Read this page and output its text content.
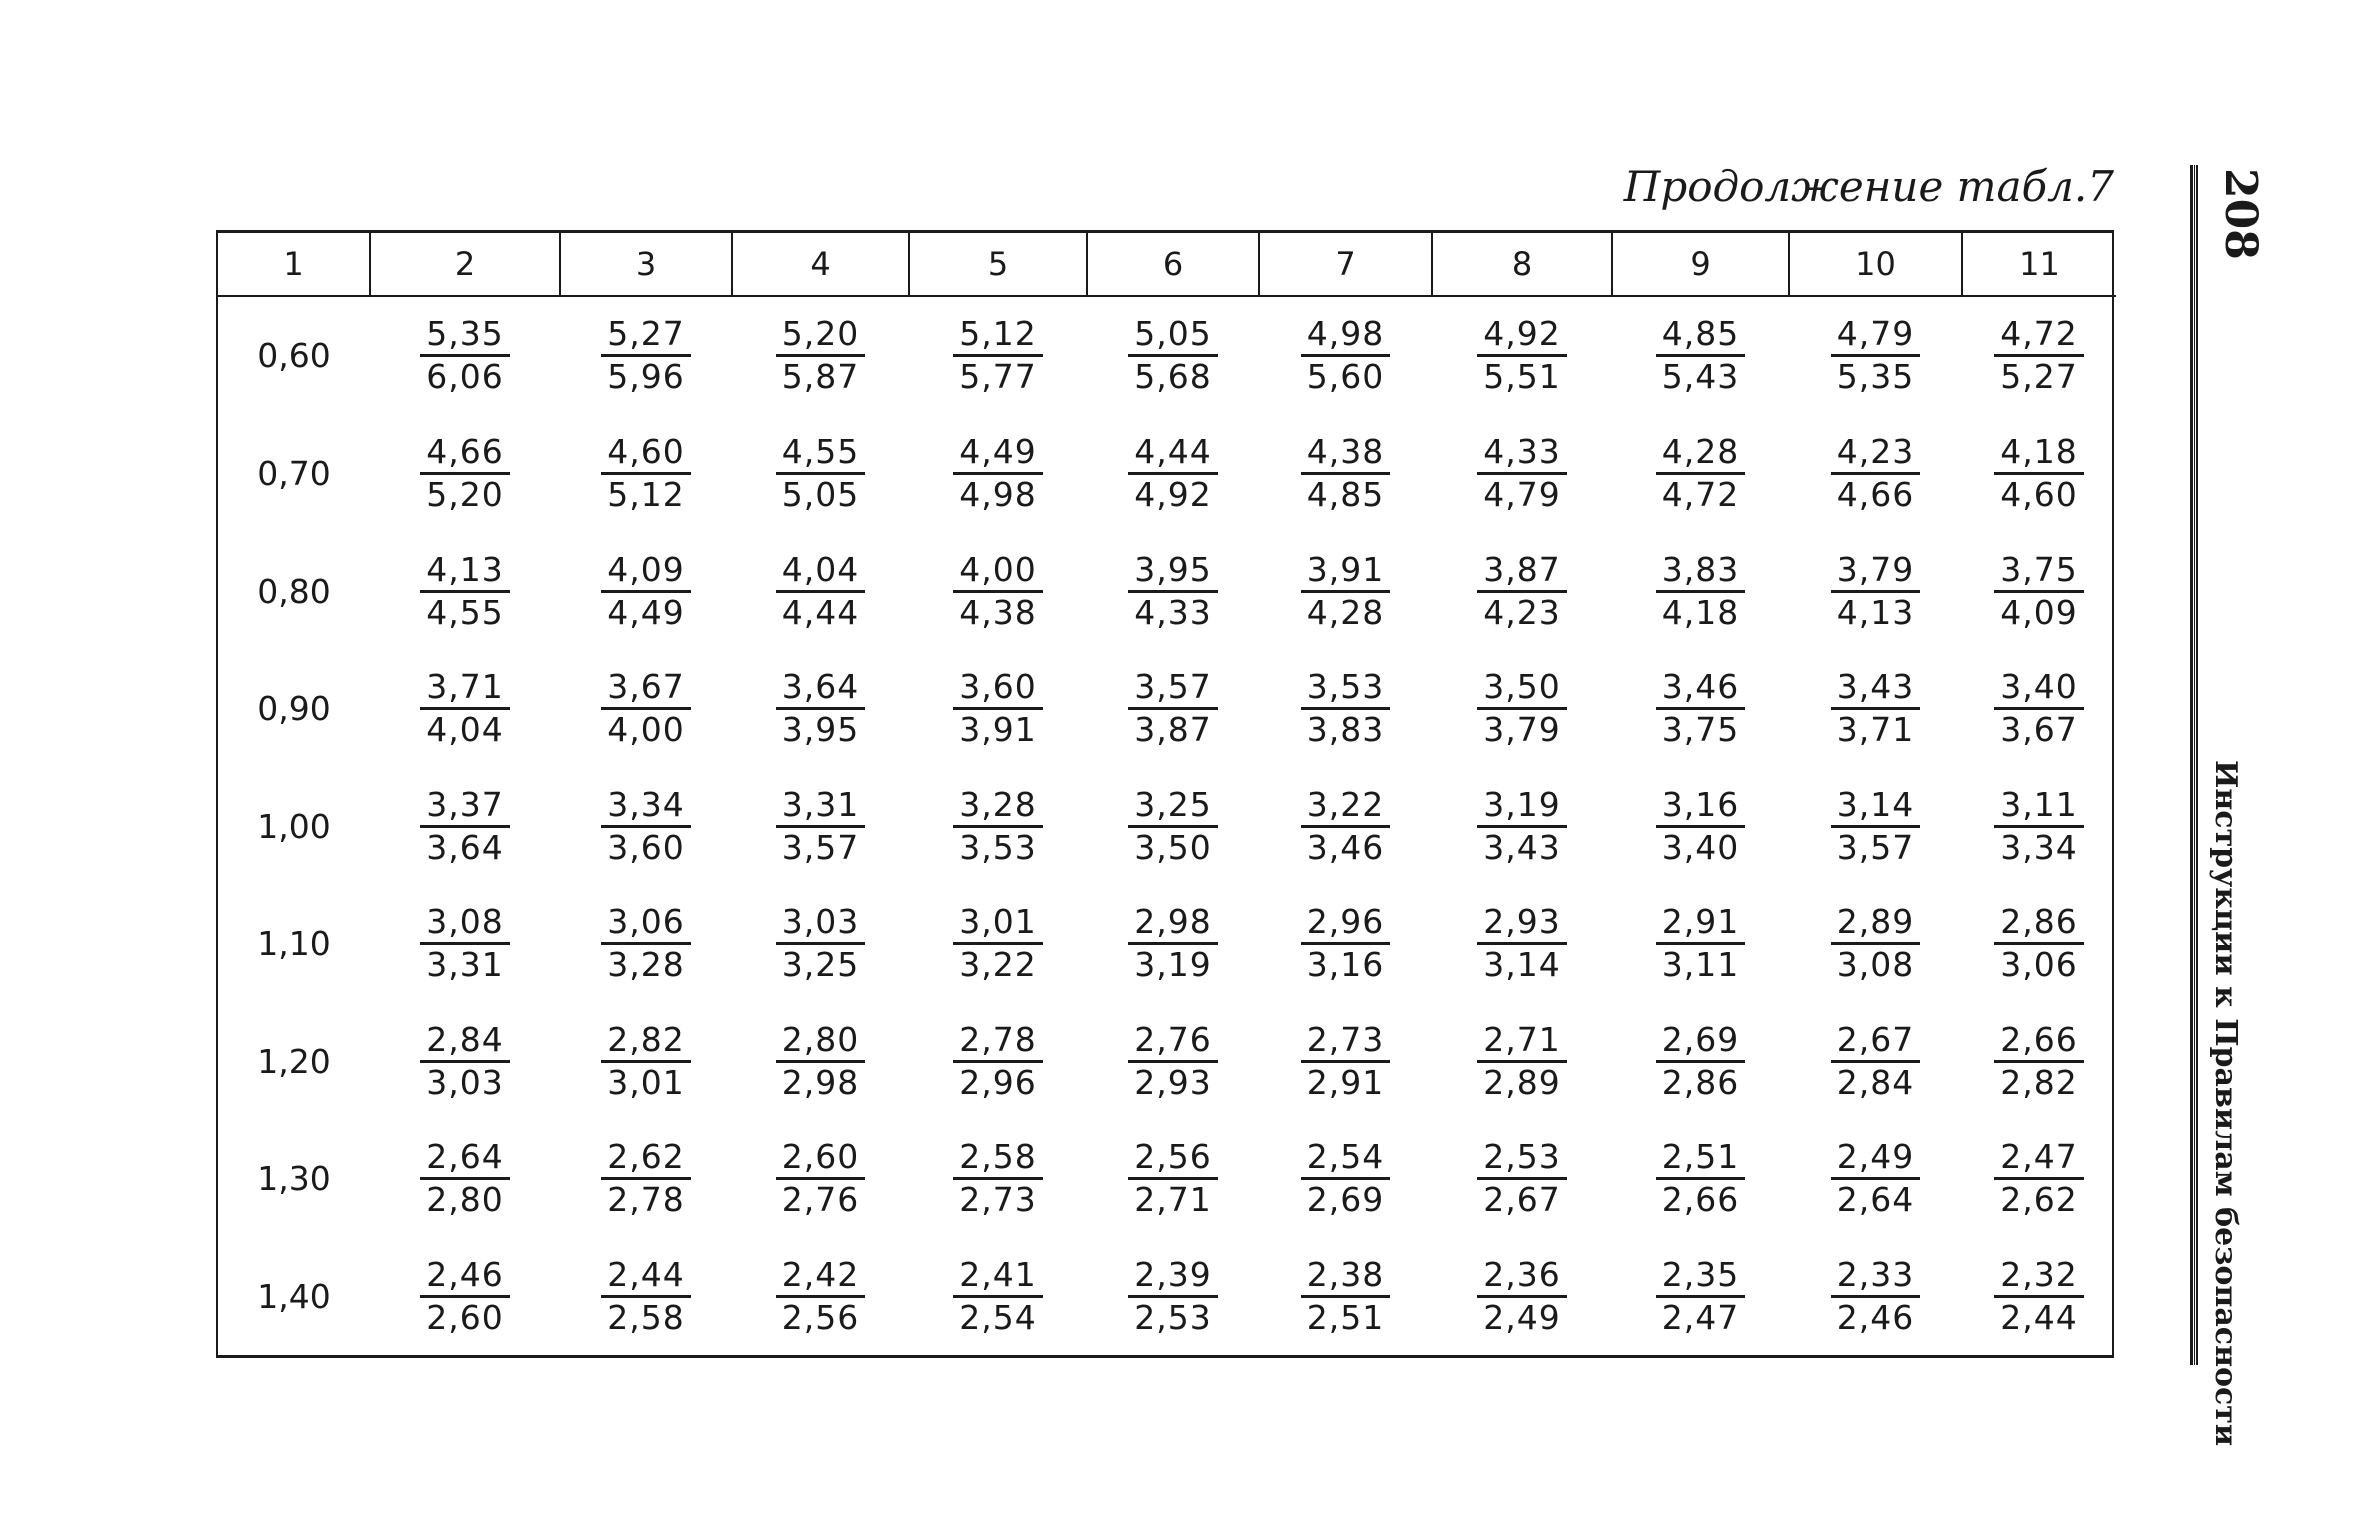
Продолжение табл.7
1	2	3	4	5	6	7	8	9	10	11
0,60	$\frac{5,35}{6,06}$	$\frac{5,27}{5,96}$	$\frac{5,20}{5,87}$	$\frac{5,12}{5,77}$	$\frac{5,05}{5,68}$	$\frac{4,98}{5,60}$	$\frac{4,92}{5,51}$	$\frac{4,85}{5,43}$	$\frac{4,79}{5,35}$	$\frac{4,72}{5,27}$

0,70	$\frac{4,66}{5,20}$	$\frac{4,60}{5,12}$	$\frac{4,55}{5,05}$	$\frac{4,49}{4,98}$	$\frac{4,44}{4,92}$	$\frac{4,38}{4,85}$	$\frac{4,33}{4,79}$	$\frac{4,28}{4,72}$	$\frac{4,23}{4,66}$	$\frac{4,18}{4,60}$

0,80	$\frac{4,13}{4,55}$	$\frac{4,09}{4,49}$	$\frac{4,04}{4,44}$	$\frac{4,00}{4,38}$	$\frac{3,95}{4,33}$	$\frac{3,91}{4,28}$	$\frac{3,87}{4,23}$	$\frac{3,83}{4,18}$	$\frac{3,79}{4,13}$	$\frac{3,75}{4,09}$

0,90	$\frac{3,71}{4,04}$	$\frac{3,67}{4,00}$	$\frac{3,64}{3,95}$	$\frac{3,60}{3,91}$	$\frac{3,57}{3,87}$	$\frac{3,53}{3,83}$	$\frac{3,50}{3,79}$	$\frac{3,46}{3,75}$	$\frac{3,43}{3,71}$	$\frac{3,40}{3,67}$

1,00	$\frac{3,37}{3,64}$	$\frac{3,34}{3,60}$	$\frac{3,31}{3,57}$	$\frac{3,28}{3,53}$	$\frac{3,25}{3,50}$	$\frac{3,22}{3,46}$	$\frac{3,19}{3,43}$	$\frac{3,16}{3,40}$	$\frac{3,14}{3,57}$	$\frac{3,11}{3,34}$

1,10	$\frac{3,08}{3,31}$	$\frac{3,06}{3,28}$	$\frac{3,03}{3,25}$	$\frac{3,01}{3,22}$	$\frac{2,98}{3,19}$	$\frac{2,96}{3,16}$	$\frac{2,93}{3,14}$	$\frac{2,91}{3,11}$	$\frac{2,89}{3,08}$	$\frac{2,86}{3,06}$

1,20	$\frac{2,84}{3,03}$	$\frac{2,82}{3,01}$	$\frac{2,80}{2,98}$	$\frac{2,78}{2,96}$	$\frac{2,76}{2,93}$	$\frac{2,73}{2,91}$	$\frac{2,71}{2,89}$	$\frac{2,69}{2,86}$	$\frac{2,67}{2,84}$	$\frac{2,66}{2,82}$

1,30	$\frac{2,64}{2,80}$	$\frac{2,62}{2,78}$	$\frac{2,60}{2,76}$	$\frac{2,58}{2,73}$	$\frac{2,56}{2,71}$	$\frac{2,54}{2,69}$	$\frac{2,53}{2,67}$	$\frac{2,51}{2,66}$	$\frac{2,49}{2,64}$	$\frac{2,47}{2,62}$

1,40	$\frac{2,46}{2,60}$	$\frac{2,44}{2,58}$	$\frac{2,42}{2,56}$	$\frac{2,41}{2,54}$	$\frac{2,39}{2,53}$	$\frac{2,38}{2,51}$	$\frac{2,36}{2,49}$	$\frac{2,35}{2,47}$	$\frac{2,33}{2,46}$	$\frac{2,32}{2,44}$
208
Инструкции к Правилам безопасности
